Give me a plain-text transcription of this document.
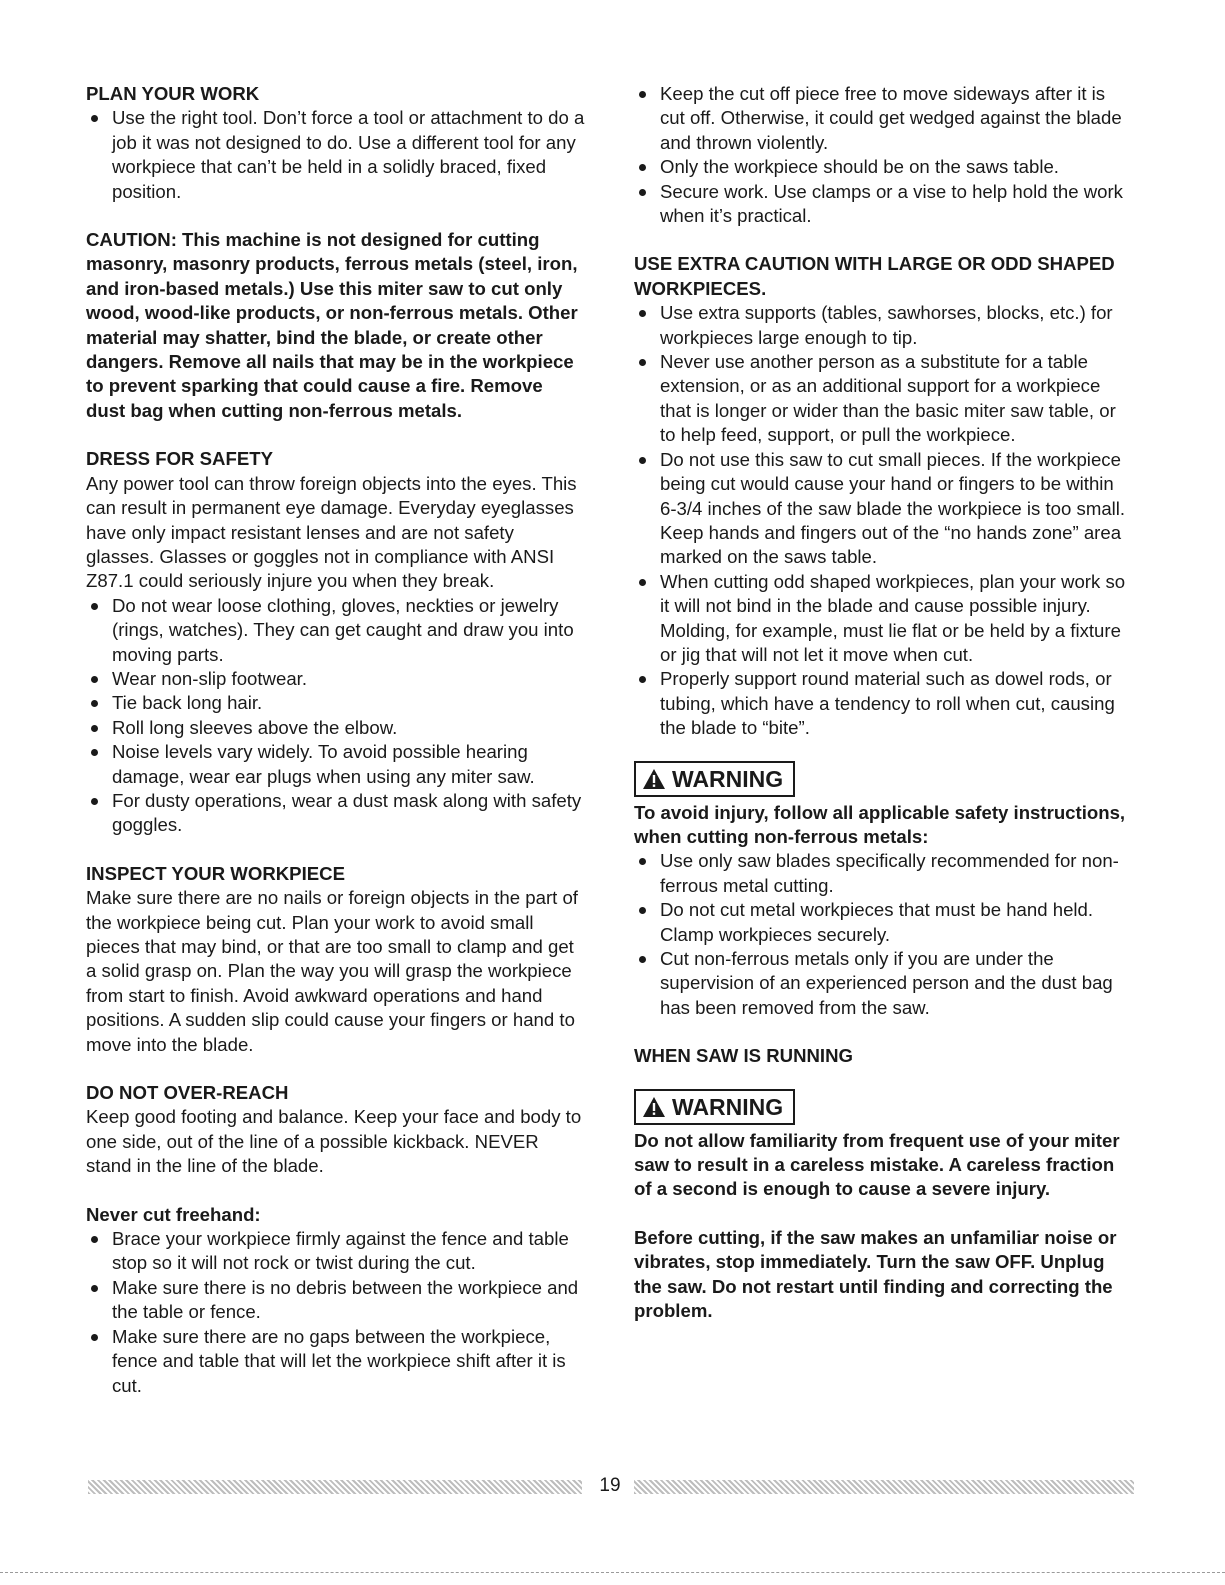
PLAN YOUR WORK

Use the right tool. Don’t force a tool or attachment to do a job it was not designed to do. Use a different tool for any workpiece that can’t be held in a solidly braced, fixed position.

CAUTION: This machine is not designed for cutting masonry, masonry products, ferrous metals (steel, iron, and iron-based metals.) Use this miter saw to cut only wood, wood-like products, or non-ferrous metals. Other material may shatter, bind the blade, or create other dangers. Remove all nails that may be in the workpiece to prevent sparking that could cause a fire. Remove dust bag when cutting non-ferrous metals.

DRESS FOR SAFETY

Any power tool can throw foreign objects into the eyes. This can result in permanent eye damage. Everyday eyeglasses have only impact resistant lenses and are not safety glasses. Glasses or goggles not in compliance with ANSI Z87.1 could seriously injure you when they break.

Do not wear loose clothing, gloves, neckties or jewelry (rings, watches). They can get caught and draw you into moving parts.
Wear non-slip footwear.
Tie back long hair.
Roll long sleeves above the elbow.
Noise levels vary widely. To avoid possible hearing damage, wear ear plugs when using any miter saw.
For dusty operations, wear a dust mask along with safety goggles.

INSPECT YOUR WORKPIECE

Make sure there are no nails or foreign objects in the part of the workpiece being cut. Plan your work to avoid small pieces that may bind, or that are too small to clamp and get a solid grasp on. Plan the way you will grasp the workpiece from start to finish. Avoid awkward operations and hand positions. A sudden slip could cause your fingers or hand to move into the blade.

DO NOT OVER-REACH

Keep good footing and balance. Keep your face and body to one side, out of the line of a possible kickback. NEVER stand in the line of the blade.

Never cut freehand:

Brace your workpiece firmly against the fence and table stop so it will not rock or twist during the cut.
Make sure there is no debris between the workpiece and the table or fence.
Make sure there are no gaps between the workpiece, fence and table that will let the workpiece shift after it is cut.
Keep the cut off piece free to move sideways after it is cut off. Otherwise, it could get wedged against the blade and thrown violently.
Only the workpiece should be on the saws table.
Secure work. Use clamps or a vise to help hold the work when it’s practical.

USE EXTRA CAUTION WITH LARGE OR ODD SHAPED WORKPIECES.

Use extra supports (tables, sawhorses, blocks, etc.) for workpieces large enough to tip.
Never use another person as a substitute for a table extension, or as an additional support for a workpiece that is longer or wider than the basic miter saw table, or to help feed, support, or pull the workpiece.
Do not use this saw to cut small pieces. If the workpiece being cut would cause your hand or fingers to be within 6-3/4 inches of the saw blade the workpiece is too small. Keep hands and fingers out of the “no hands zone” area marked on the saws table.
When cutting odd shaped workpieces, plan your work so it will not bind in the blade and cause possible injury. Molding, for example, must lie flat or be held by a fixture or jig that will not let it move when cut.
Properly support round material such as dowel rods, or tubing, which have a tendency to roll when cut, causing the blade to “bite”.
WARNING

To avoid injury, follow all applicable safety instructions, when cutting non-ferrous metals:

Use only saw blades specifically recommended for non-ferrous metal cutting.
Do not cut metal workpieces that must be hand held. Clamp workpieces securely.
Cut non-ferrous metals only if you are under the supervision of an experienced person and the dust bag has been removed from the saw.

WHEN SAW IS RUNNING

WARNING

Do not allow familiarity from frequent use of your miter saw to result in a careless mistake. A careless fraction of a second is enough to cause a severe injury.

Before cutting, if the saw makes an unfamiliar noise or vibrates, stop immediately. Turn the saw OFF. Unplug the saw. Do not restart until finding and correcting the problem.

19
